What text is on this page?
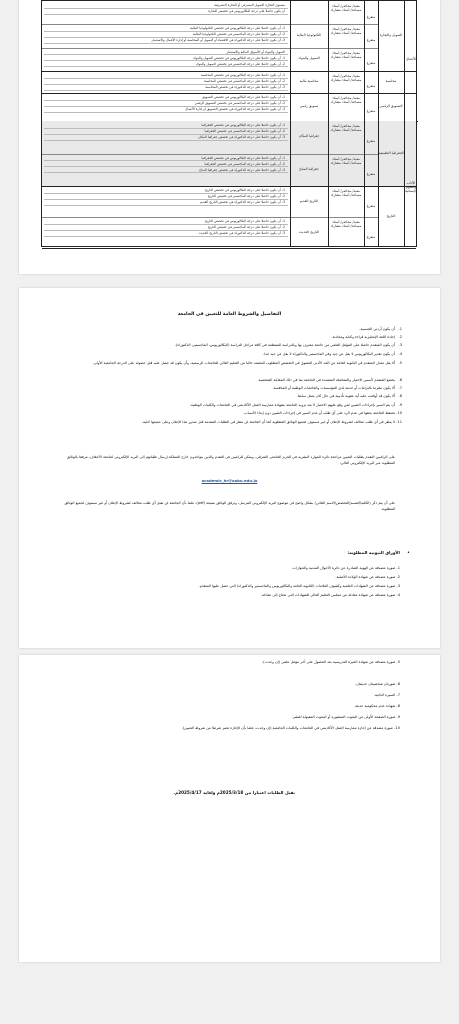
التمويل والتجارة
معيد/ محاضر/ أستاذ مساعد/ أستاذ مشارك
متفرغ
مستوى التجارة التمويل المصرفي أو التجارة المصرفية
أن يكون حاصلا على درجة البكالوريوس في تخصص التجارة
التكنولوجيا المالية
معيد/ محاضر/ أستاذ مساعد/ أستاذ مشارك
متفرغ
1- أن يكون حاصلا على درجة البكالوريوس في تخصص التكنولوجيا المالية
2- أن يكون حاصلا على درجة الماجستير في تخصص التكنولوجيا المالية
3- أن يكون حاصلا على درجة الدكتوراه في الاقتصاد أو التمويل أو المحاسبة أو إدارة الأعمال والاستثمار
التمويل والبنوك
معيد/ محاضر/ أستاذ مساعد/ أستاذ مشارك
متفرغ
التمويل والبنوك أو الأسواق المالية والاستثمار
1- أن يكون حاصلا على درجة البكالوريوس في تخصص التمويل والبنوك
2- أن يكون حاصلا على درجة الماجستير في تخصص التمويل والبنوك
محاسبة
محاسبة مالية
معيد/ محاضر/ أستاذ مساعد/ أستاذ مشارك
متفرغ
1- أن يكون حاصلا على درجة البكالوريوس في تخصص المحاسبة
2- أن يكون حاصلا على درجة الماجستير في تخصص المحاسبة
3- أن يكون حاصلا على درجة الدكتوراه في تخصص المحاسبة
التسويق الرقمي
تسويق رقمي
معيد/ محاضر/ أستاذ مساعد/ أستاذ مشارك
متفرغ
1- أن يكون حاصلا على درجة البكالوريوس في تخصص التسويق
2- أن يكون حاصلا على درجة الماجستير في تخصص التسويق الرقمي
3- أن يكون حاصلا على درجة الدكتوراه في تخصص التسويق أو إدارة الأعمال
الأعمال
الجغرافيا التطبيقية
جغرافيا المكان
معيد/ محاضر/ أستاذ مساعد/ أستاذ مشارك
متفرغ
1- أن يكون حاصلا على درجة البكالوريوس في تخصص الجغرافيا
2- أن يكون حاصلا على درجة الماجستير في تخصص الجغرافيا
3- أن يكون حاصلا على درجة الدكتوراه في تخصص جغرافيا المكان
جغرافيا المناخ
معيد/ محاضر/ أستاذ مساعد/ أستاذ مشارك
متفرغ
1- أن يكون حاصلا على درجة البكالوريوس في تخصص الجغرافيا
2- أن يكون حاصلا على درجة الماجستير في تخصص الجغرافيا
3- أن يكون حاصلا على درجة الدكتوراه في تخصص جغرافيا المناخ
التاريخ
التاريخ القديم
معيد/ محاضر/ أستاذ مساعد/ أستاذ مشارك
متفرغ
1- أن يكون حاصلا على درجة البكالوريوس في تخصص التاريخ
2- أن يكون حاصلا على درجة الماجستير في تخصص التاريخ
3- أن يكون حاصلا على درجة الدكتوراه في تخصص التاريخ القديم
التاريخ الحديث
معيد/ محاضر/ أستاذ مساعد/ أستاذ مشارك
متفرغ
1- أن يكون حاصلا على درجة البكالوريوس في تخصص التاريخ
2- أن يكون حاصلا على درجة الماجستير في تخصص التاريخ
3- أن يكون حاصلا على درجة الدكتوراه في تخصص التاريخ الحديث
الآداب والعلوم الإنسانية
التفاصيل والشروط العامة للتعيين في الجامعة
1.
أن يكون أردني الجنسية.
2.
إجادة اللغة الإنجليزية قراءة وكتابة ومحادثة.
3.
أن يكون المتقدم حاصلا على المؤهل العلمي من جامعة معترف بها وبالدراسة المنتظمة في كافة مراحل الدراسة (البكالوريوس، الماجستير، الدكتوراه).
4.
أن يكون تقدير البكالوريوس لا يقل عن جيد وفي الماجستير والدكتوراه لا يقل عن جيد جدا.
5.
ألا يقل معدل المتقدم في الثانوية العامة عن الحد الأدنى المقبول في التخصص المطلوب المعتمد حاليا من التعليم العالي للجامعات الرسمية، وأن يكون قد حصل عليه قبل حصوله على الدرجة الجامعية الأولى.
6.
يخضع المتقدم لأسس الاختيار والمفاضلة المعتمدة في الجامعة بما في ذلك المقابلة الشخصية.
7.
ألا يكون ملتزما بالتزامات أو خدمة لدى المؤسسات والجامعات الوطنية أو المنافسة.
8.
ألا يكون قد أوقعت عليه أية عقوبة تأديبية في حال كان يعمل سابقا.
9.
أن يتم السير بإجراءات التعيين لمن وقع عليهم الاختيار لا بعد تزويد الجامعة بشهادة ممارسة العمل الأكاديمي في الجامعات والكليات الوطنية.
10.
تحتفظ الجامعة بحقها في عدم الرد على أي طلب أو عدم السير في إجراءات التعيين دون إبداء الأسباب.
11.
لا ينظر في أي طلب مخالف لشروط الإعلان أو غير مستوف لجميع الوثائق المطلوبة كما أن الجامعة لن تنظر في الطلبات المقدمة قبل صدور هذا الإعلان وعلى جميعها لاغية.
على الراغبين التقدم بطلبات التعيين مراجعة دائرة الموارد البشرية في الحرم الجامعي الشرقي، ويمكن للراغبين في التقدم والذين يتواجدون خارج المملكة إرسال طلباتهم إلى البريد الإلكتروني لجامعة الأحقاف، مرفقا بالوثائق المطلوبة عبر البريد الإلكتروني التالي:
academic_hr@aabu.edu.jo
على أن يتم ذكر (الكلية/القسم/التخصص/الاسم الثلاثي) بشكل واضح في موضوع البريد الإلكتروني المرسل، وترفق الوثائق بصيغة (pdf)، علما بأن الجامعة لن تقبل أي طلب مخالف لشروط الإعلان أو غير مستوف لجميع الوثائق المطلوبة.
•
الأوراق الثبوتية المطلوبة:
1- صورة مصدقة عن الهوية الصادرة عن دائرة الأحوال المدنية والجوازات.
2- صورة مصدقة عن شهادة الولادة الأصلية.
3- صورة مصدقة عن الشهادات العلمية وكشوف العلامات (الثانوية العامة والبكالوريوس والماجستير والدكتوراه) التي حصل عليها المتقدم.
4- صورة مصدقة عن شهادة معادلة من مجلس التعليم العالي للشهادات التي تحتاج إلى معادلة.
5- صورة مصدقة عن شهادة الخبرة التدريسية بعد الحصول على آخر مؤهل علمي (إن وجدت).
6- صورتان شخصيتان حديثتان.
7- السيرة الذاتية.
8- شهادة عدم محكومية حديثة.
9- صورة الصفحة الأولى من البحوث المنشورة أو البحوث المقبولة للنشر.
10- صورة مصدقة عن إجازة ممارسة العمل الأكاديمي في الجامعات والكليات الجامعية (إن وجدت، علما بأن الإجازة تعتبر شرطا من شروط التعيين).
تقبل الطلبات اعتبارا من 2025/3/18م ولغاية 2025/4/17م.
